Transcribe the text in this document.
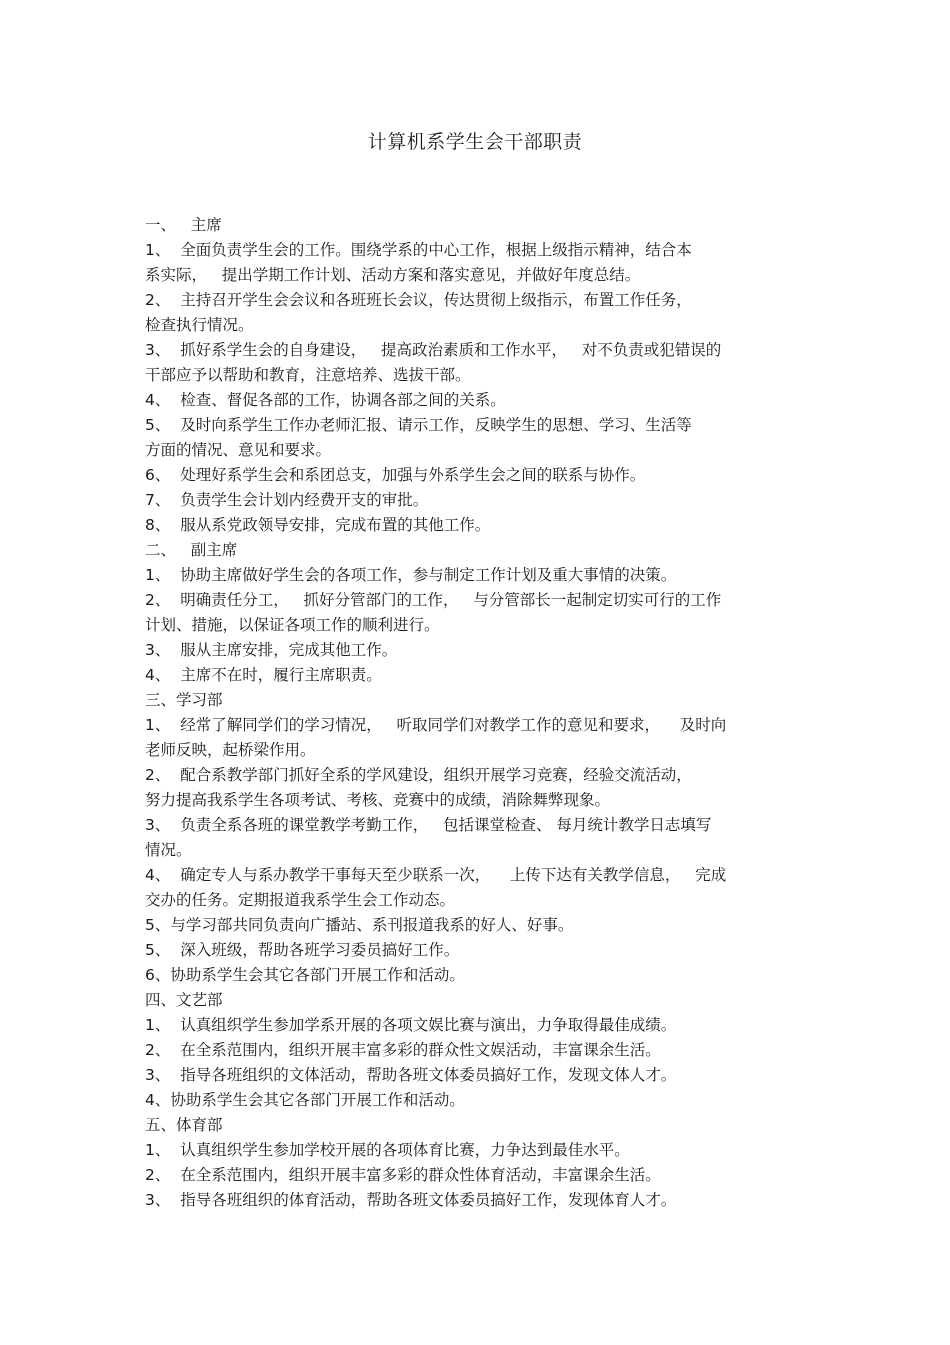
计算机系学生会干部职责
一、   主席
1、  全面负责学生会的工作。围绕学系的中心工作，根据上级指示精神，结合本
系实际，   提出学期工作计划、活动方案和落实意见，并做好年度总结。
2、  主持召开学生会会议和各班班长会议，传达贯彻上级指示，布置工作任务，
检查执行情况。
3、  抓好系学生会的自身建设，   提高政治素质和工作水平，   对不负责或犯错误的
干部应予以帮助和教育，注意培养、选拔干部。
4、  检查、督促各部的工作，协调各部之间的关系。
5、  及时向系学生工作办老师汇报、请示工作，反映学生的思想、学习、生活等
方面的情况、意见和要求。
6、  处理好系学生会和系团总支，加强与外系学生会之间的联系与协作。
7、  负责学生会计划内经费开支的审批。
8、  服从系党政领导安排，完成布置的其他工作。
二、   副主席
1、  协助主席做好学生会的各项工作，参与制定工作计划及重大事情的决策。
2、  明确责任分工，   抓好分管部门的工作，   与分管部长一起制定切实可行的工作
计划、措施，以保证各项工作的顺利进行。
3、  服从主席安排，完成其他工作。
4、  主席不在时，履行主席职责。
三、学习部
1、  经常了解同学们的学习情况，   听取同学们对教学工作的意见和要求，    及时向
老师反映，起桥梁作用。
2、  配合系教学部门抓好全系的学风建设，组织开展学习竞赛，经验交流活动，
努力提高我系学生各项考试、考核、竞赛中的成绩，消除舞弊现象。
3、  负责全系各班的课堂教学考勤工作，   包括课堂检查、 每月统计教学日志填写
情况。
4、  确定专人与系办教学干事每天至少联系一次，    上传下达有关教学信息，   完成
交办的任务。定期报道我系学生会工作动态。
5、与学习部共同负责向广播站、系刊报道我系的好人、好事。
5、  深入班级，帮助各班学习委员搞好工作。
6、协助系学生会其它各部门开展工作和活动。
四、文艺部
1、  认真组织学生参加学系开展的各项文娱比赛与演出，力争取得最佳成绩。
2、  在全系范围内，组织开展丰富多彩的群众性文娱活动，丰富课余生活。
3、  指导各班组织的文体活动，帮助各班文体委员搞好工作，发现文体人才。
4、协助系学生会其它各部门开展工作和活动。
五、体育部
1、  认真组织学生参加学校开展的各项体育比赛，力争达到最佳水平。
2、  在全系范围内，组织开展丰富多彩的群众性体育活动，丰富课余生活。
3、  指导各班组织的体育活动，帮助各班文体委员搞好工作，发现体育人才。
